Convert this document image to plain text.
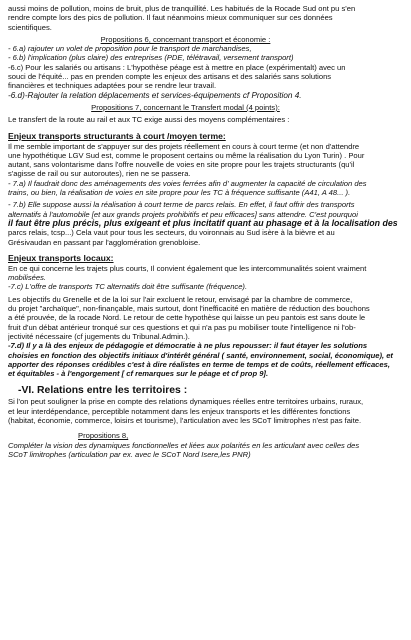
aussi moins de pollution, moins de bruit, plus de tranquillité. Les habitués de la Rocade Sud ont pu s'en

rendre compte lors des pics de pollution. Il faut néanmoins mieux communiquer sur ces données

scientifiques.

Propositions 6, concernant transport et économie :

- 6.a) rajouter un volet de proposition pour le transport de marchandises,

- 6.b) l'implication (plus claire) des entreprises (PDE, télétravail, versement transport)

-6.c) Pour les salariés ou artisans : L'hypothèse péage est à mettre en place (expérimentalt) avec un

souci de l'équité... pas en prenden compte les enjeux des artisans et des salariés sans solutions

financières et techniques adaptées pour se rendre leur travail.

-6.d)-Rajouter la relation déplacements et services-équipements cf Proposition 4.

Propositions 7, concernant le Transfert modal (4 points):

Le transfert de la route au rail et aux TC exige aussi des moyens complémentaires :

Enjeux transports structurants à court /moyen terme:

Il me semble important de s'appuyer sur des projets réellement en cours à court terme (et non d'attendre

une hypothétique LGV Sud est, comme le proposent certains ou même la réalisation du Lyon Turin) . Pour

autant, sans volontarisme dans l'offre nouvelle de voies en site propre pour les trajets structurants (qu'il

s'agisse de rail ou sur autoroutes), rien ne se passera.

- 7.a) Il faudrait donc des aménagements des voies ferrées afin d' augmenter la capacité de circulation des

trains, ou bien, la réalisation de voies en site propre pour les TC à fréquence suffisante (A41, A 48... ).

- 7.b) Elle suppose aussi la réalisation à court terme de parcs relais. En effet, il faut offrir des transports

alternatifs à l'automobile [et aux grands projets prohibitifs et peu efficaces] sans attendre. C'est pourquoi

il faut être plus précis, plus exigeant et plus incitatif quant au phasage et à la localisation des

parcs relais, tcsp...) Cela vaut pour tous les secteurs, du voironnais au Sud isère à la bièvre et au

Grésivaudan en passant par l'agglomération grenobloise.

Enjeux transports locaux:

En ce qui concerne les trajets plus courts, Il convient également que les intercommunalités soient vraiment

mobilisées.

-7.c) L'offre de transports TC alternatifs doit être suffisante (fréquence).

Les objectifs du Grenelle et de la loi sur l'air excluent le retour, envisagé par la chambre de commerce,

du projet "archaïque", non-finançable, mais surtout, dont l'inefficacité en matière de réduction des bouchons

a été prouvée, de la rocade Nord. Le retour de cette hypothèse qui laisse un peu pantois est sans doute le

fruit d'un débat antérieur tronqué sur ces questions et qui n'a pas pu mobiliser toute l'intelligence ni l'ob-

jectivité nécessaire (cf jugements du Tribunal.Admin.).

-7.d) Il y a là des enjeux de pédagogie et démocratie à ne plus repousser: il faut étayer les solutions

choisies en fonction des objectifs initiaux d'intérêt général ( santé, environnement, social, économique), et

apporter des réponses crédibles c'est à dire réalistes en terme de temps et de coûts, réellement efficaces,

et équitables - à l'engorgement [ cf remarques sur le péage et cf prop 9].

-VI. Relations entre les territoires :

Si l'on peut souligner la prise en compte des relations dynamiques réelles entre territoires urbains, ruraux,

et leur interdépendance, perceptible notamment dans les enjeux transports et les différentes fonctions

(habitat, économie, commerce, loisirs et tourisme), l'articulation avec les SCoT limitrophes n'est pas faite.

Propositions 8,

Compléter la vision des dynamiques fonctionnelles et liées aux polarités en les articulant avec celles des

SCoT limitrophes (articulation par ex. avec le SCoT Nord Isere,les PNR)
